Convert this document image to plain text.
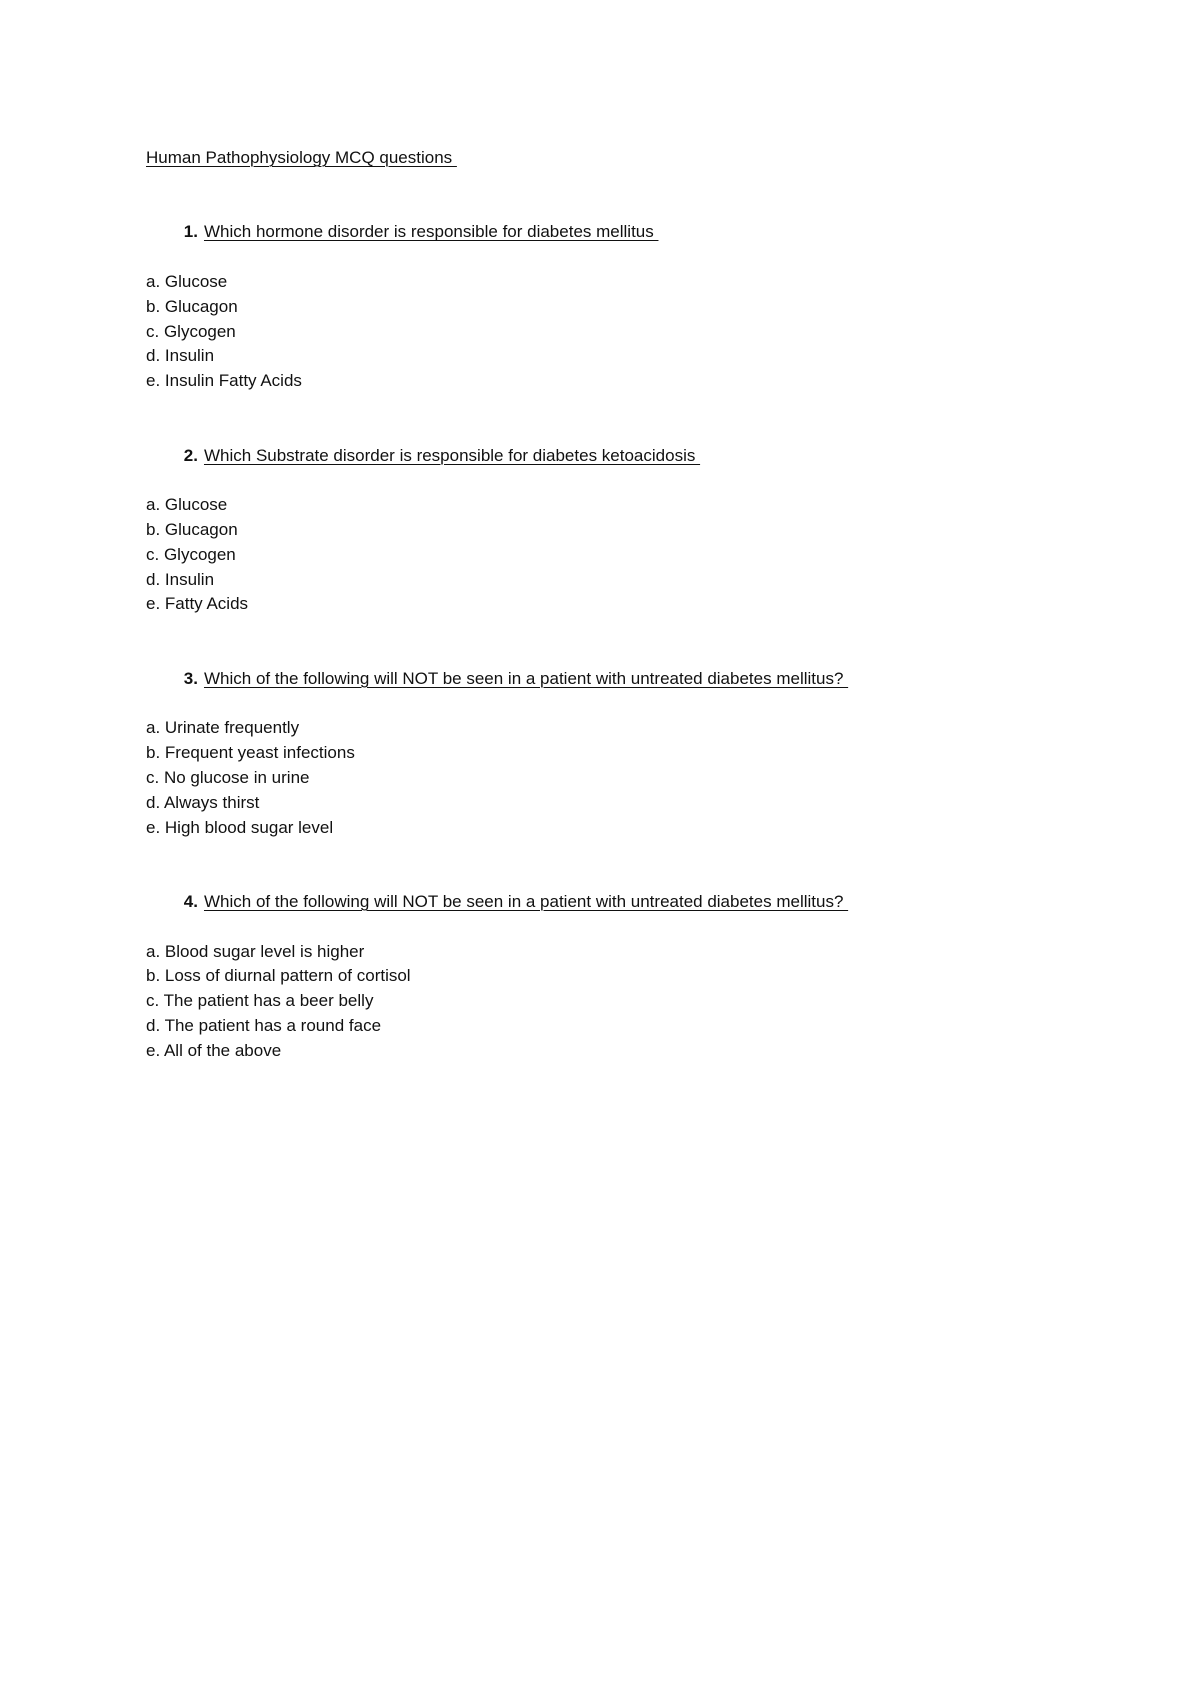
Human Pathophysiology MCQ questions

1. Which hormone disorder is responsible for diabetes mellitus

a. Glucose
b. Glucagon
c. Glycogen
d. Insulin
e. Insulin Fatty Acids

2. Which Substrate disorder is responsible for diabetes ketoacidosis

a. Glucose
b. Glucagon
c. Glycogen
d. Insulin
e. Fatty Acids

3. Which of the following will NOT be seen in a patient with untreated diabetes mellitus?

a. Urinate frequently
b. Frequent yeast infections
c. No glucose in urine
d. Always thirst
e. High blood sugar level

4. Which of the following will NOT be seen in a patient with untreated diabetes mellitus?

a. Blood sugar level is higher
b. Loss of diurnal pattern of cortisol
c. The patient has a beer belly
d. The patient has a round face
e. All of the above
